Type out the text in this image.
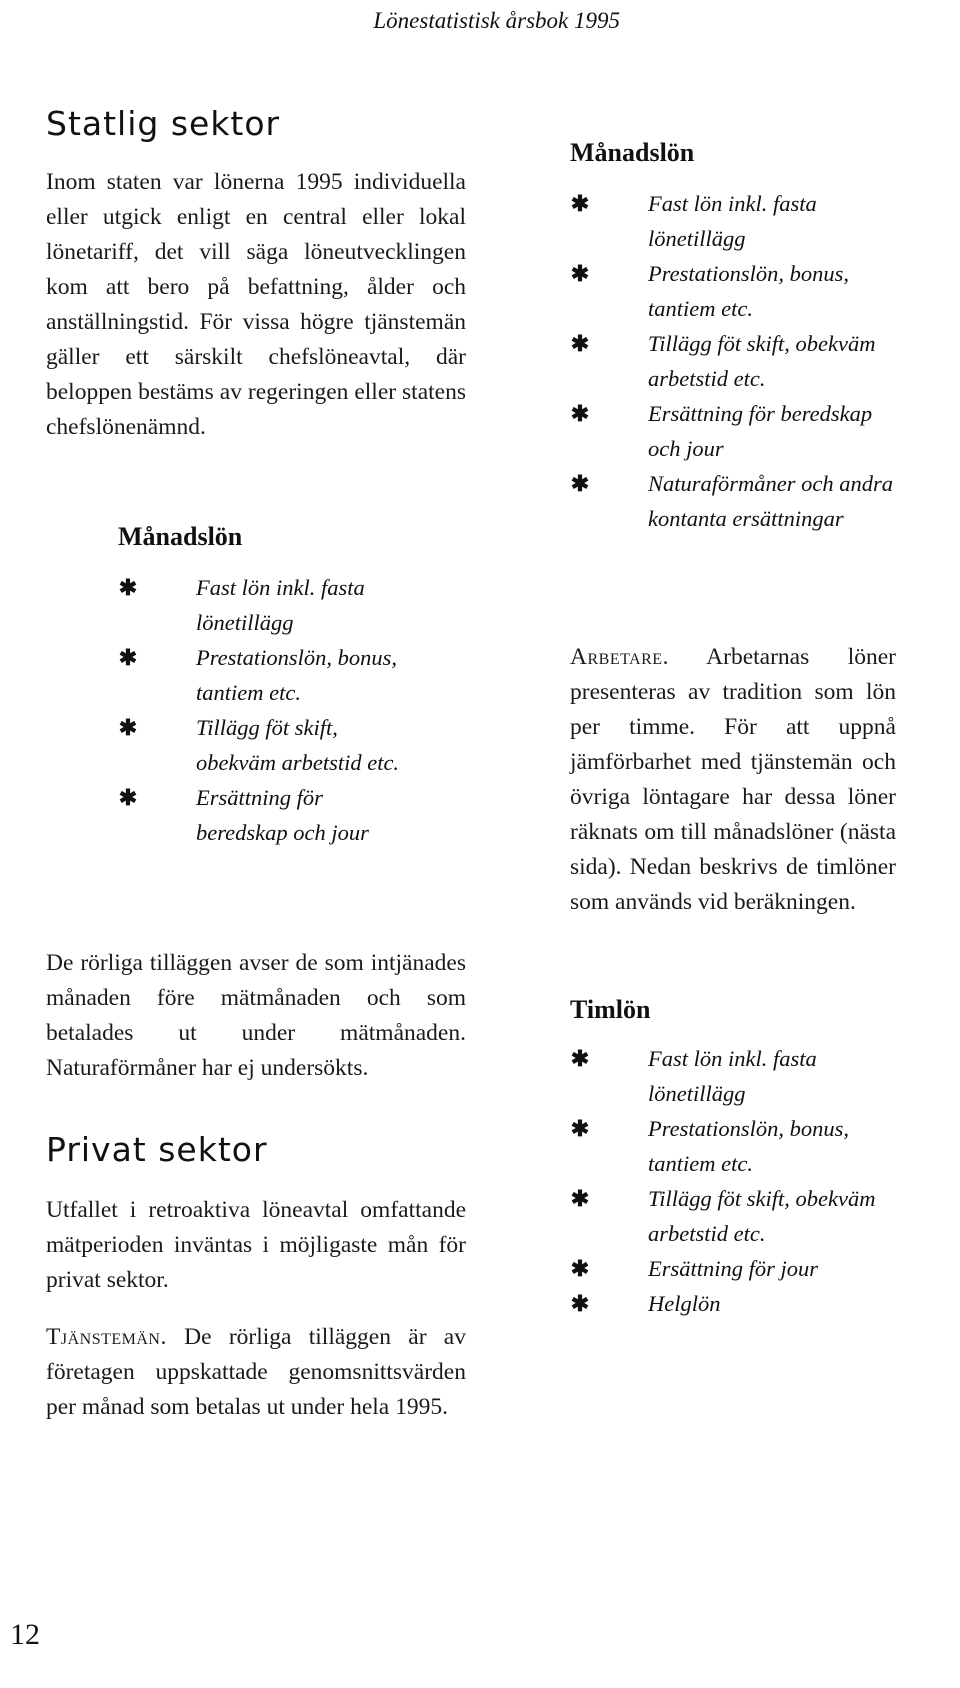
Lönestatistisk årsbok 1995
Statlig sektor

Inom staten var lönerna 1995 individuella eller utgick enligt en central eller lokal lönetariff, det vill säga löneutvecklingen kom att bero på befattning, ålder och anställningstid. För vissa högre tjänstemän gäller ett särskilt chefslöneavtal, där beloppen bestäms av regeringen eller statens chefslönenämnd.

Månadslön
✱	Fast lön inkl. fasta lönetillägg
✱	Prestationslön, bonus, tantiem etc.
✱	Tillägg föt skift, obekväm arbetstid etc.
✱	Ersättning för beredskap och jour
Månadslön
✱	Fast lön inkl. fasta lönetillägg
✱	Prestationslön, bonus, tantiem etc.
✱	Tillägg föt skift, obekväm arbetstid etc.
✱	Ersättning för beredskap och jour
✱	Naturaförmåner och andra kontanta ersättningar

Arbetare. Arbetarnas löner presenteras av tradition som lön per timme. För att uppnå jämförbarhet med tjänstemän och övriga löntagare har dessa löner räknats om till månadslöner (nästa sida). Nedan beskrivs de timlöner som används vid beräkningen.

De rörliga tilläggen avser de som intjänades månaden före mätmånaden och som betalades ut under mätmånaden. Naturaförmåner har ej undersökts.

Privat sektor

Utfallet i retroaktiva löneavtal omfattande mätperioden inväntas i möjligaste mån för privat sektor.

Tjänstemän. De rörliga tilläggen är av företagen uppskattade genomsnittsvärden per månad som betalas ut under hela 1995.

Timlön
✱	Fast lön inkl. fasta lönetillägg
✱	Prestationslön, bonus, tantiem etc.
✱	Tillägg föt skift, obekväm arbetstid etc.
✱	Ersättning för jour
✱	Helglön
12
